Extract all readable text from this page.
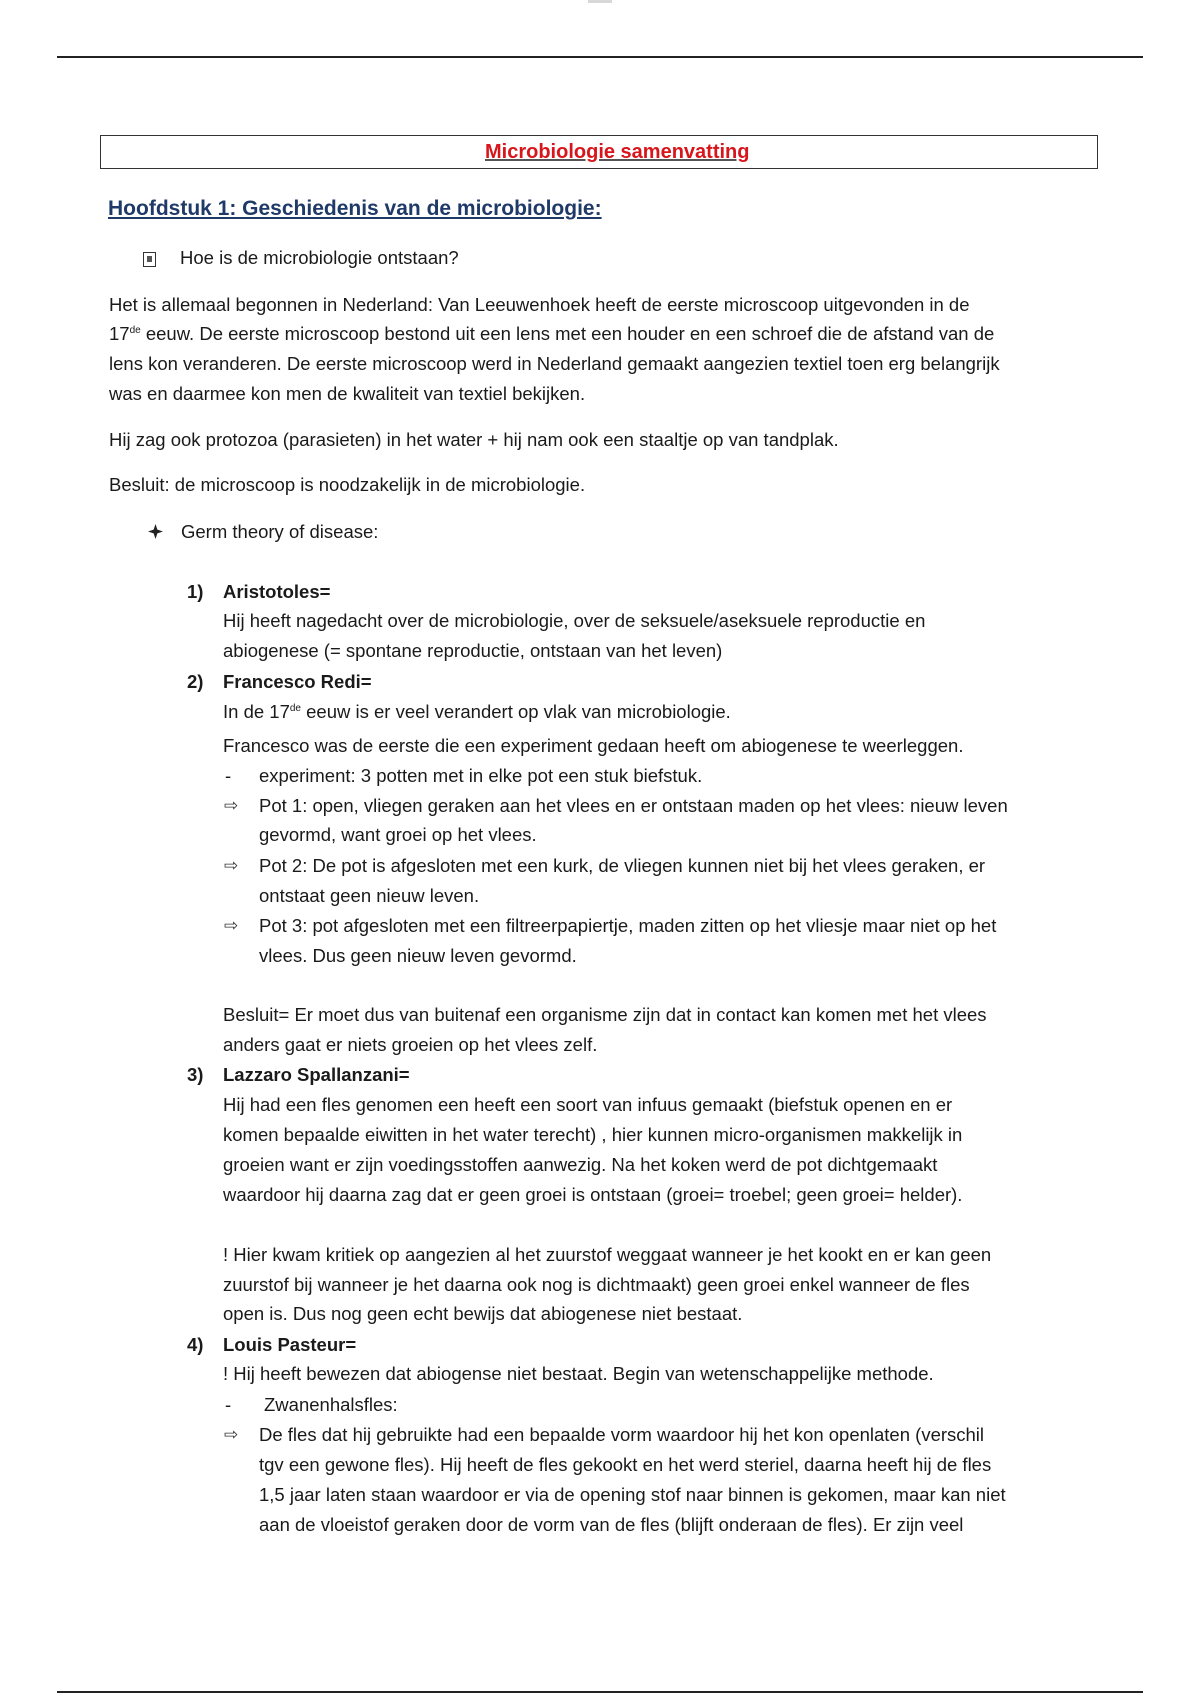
Microbiologie samenvatting
Hoofdstuk 1: Geschiedenis van de microbiologie:
Hoe is de microbiologie ontstaan?
Het is allemaal begonnen in Nederland: Van Leeuwenhoek heeft de eerste microscoop uitgevonden in de
17de eeuw. De eerste microscoop bestond uit een lens met een houder en een schroef die de afstand van de
lens kon veranderen. De eerste microscoop werd in Nederland gemaakt aangezien textiel toen erg belangrijk
was en daarmee kon men de kwaliteit van textiel bekijken.
Hij zag ook protozoa (parasieten) in het water + hij nam ook een staaltje op van tandplak.
Besluit: de microscoop is noodzakelijk in de microbiologie.
Germ theory of disease:
1) Aristotoles=
Hij heeft nagedacht over de microbiologie, over de seksuele/aseksuele reproductie en
abiogenese (= spontane reproductie, ontstaan van het leven)
2) Francesco Redi=
In de 17de eeuw is er veel verandert op vlak van microbiologie.
Francesco was de eerste die een experiment gedaan heeft om abiogenese te weerleggen.
- experiment: 3 potten met in elke pot een stuk biefstuk.
⇨ Pot 1: open, vliegen geraken aan het vlees en er ontstaan maden op het vlees: nieuw leven
gevormd, want groei op het vlees.
⇨ Pot 2: De pot is afgesloten met een kurk, de vliegen kunnen niet bij het vlees geraken, er
ontstaat geen nieuw leven.
⇨ Pot 3: pot afgesloten met een filtreerpapiertje, maden zitten op het vliesje maar niet op het
vlees. Dus geen nieuw leven gevormd.
Besluit= Er moet dus van buitenaf een organisme zijn dat in contact kan komen met het vlees
anders gaat er niets groeien op het vlees zelf.
3) Lazzaro Spallanzani=
Hij had een fles genomen een heeft een soort van infuus gemaakt (biefstuk openen en er
komen bepaalde eiwitten in het water terecht) , hier kunnen micro-organismen makkelijk in
groeien want er zijn voedingsstoffen aanwezig. Na het koken werd de pot dichtgemaakt
waardoor hij daarna zag dat er geen groei is ontstaan (groei= troebel; geen groei= helder).
! Hier kwam kritiek op aangezien al het zuurstof weggaat wanneer je het kookt en er kan geen
zuurstof bij wanneer je het daarna ook nog is dichtmaakt) geen groei enkel wanneer de fles
open is. Dus nog geen echt bewijs dat abiogenese niet bestaat.
4) Louis Pasteur=
! Hij heeft bewezen dat abiogense niet bestaat. Begin van wetenschappelijke methode.
- Zwanenhalsfles:
⇨ De fles dat hij gebruikte had een bepaalde vorm waardoor hij het kon openlaten (verschil
tgv een gewone fles). Hij heeft de fles gekookt en het werd steriel, daarna heeft hij de fles
1,5 jaar laten staan waardoor er via de opening stof naar binnen is gekomen, maar kan niet
aan de vloeistof geraken door de vorm van de fles (blijft onderaan de fles). Er zijn veel
